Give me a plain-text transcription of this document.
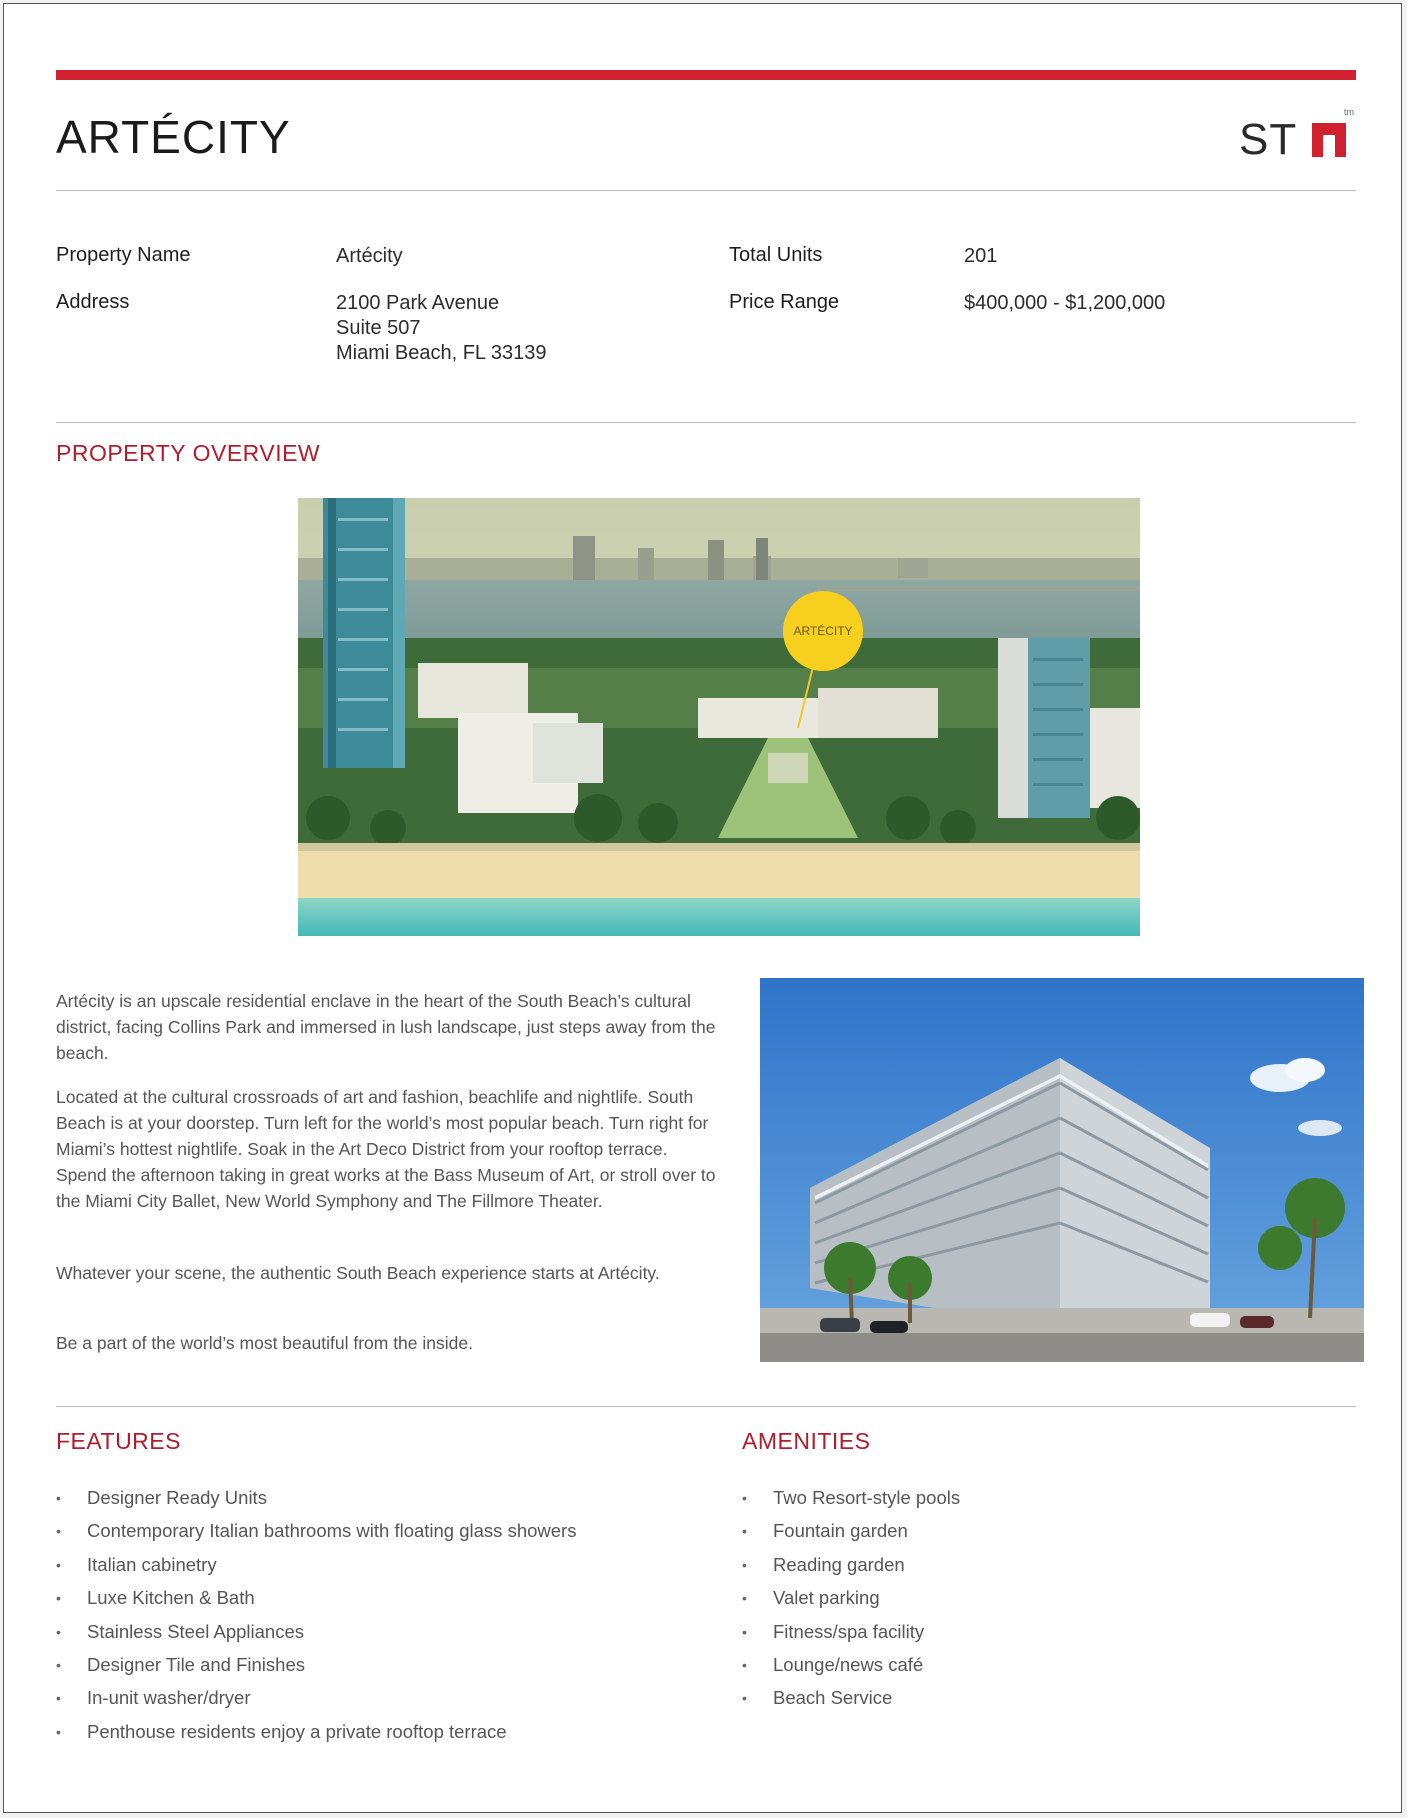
ARTÉCITY	ST
tm
Property Name	Artécity
Address	2100 Park Avenue
Suite 507
Miami Beach, FL 33139
Total Units	201
Price Range	$400,000 - $1,200,000
PROPERTY OVERVIEW
ARTÉCITY

Artécity is an upscale residential enclave in the heart of the South Beach’s cultural district, facing Collins Park and immersed in lush landscape, just steps away from the beach.

Located at the cultural crossroads of art and fashion, beachlife and nightlife. South Beach is at your doorstep. Turn left for the world’s most popular beach. Turn right for Miami’s hottest nightlife. Soak in the Art Deco District from your rooftop terrace. Spend the afternoon taking in great works at the Bass Museum of Art, or stroll over to the Miami City Ballet, New World Symphony and The Fillmore Theater.

Whatever your scene, the authentic South Beach experience starts at Artécity.

Be a part of the world’s most beautiful from the inside.

FEATURES
• Designer Ready Units
• Contemporary Italian bathrooms with floating glass showers
• Italian cabinetry
• Luxe Kitchen & Bath
• Stainless Steel Appliances
• Designer Tile and Finishes
• In-unit washer/dryer
• Penthouse residents enjoy a private rooftop terrace
AMENITIES
• Two Resort-style pools
• Fountain garden
• Reading garden
• Valet parking
• Fitness/spa facility
• Lounge/news café
• Beach Service
